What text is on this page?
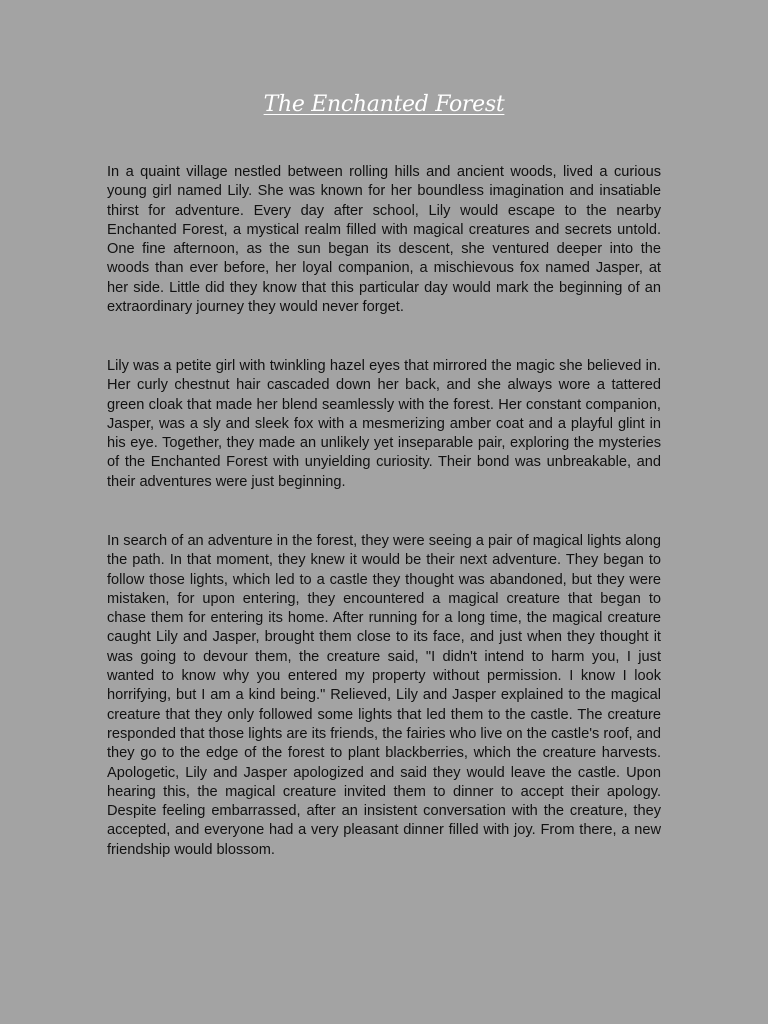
The Enchanted Forest

In a quaint village nestled between rolling hills and ancient woods, lived a curious young girl named Lily. She was known for her boundless imagination and insatiable thirst for adventure. Every day after school, Lily would escape to the nearby Enchanted Forest, a mystical realm filled with magical creatures and secrets untold. One fine afternoon, as the sun began its descent, she ventured deeper into the woods than ever before, her loyal companion, a mischievous fox named Jasper, at her side. Little did they know that this particular day would mark the beginning of an extraordinary journey they would never forget.

Lily was a petite girl with twinkling hazel eyes that mirrored the magic she believed in. Her curly chestnut hair cascaded down her back, and she always wore a tattered green cloak that made her blend seamlessly with the forest. Her constant companion, Jasper, was a sly and sleek fox with a mesmerizing amber coat and a playful glint in his eye. Together, they made an unlikely yet inseparable pair, exploring the mysteries of the Enchanted Forest with unyielding curiosity. Their bond was unbreakable, and their adventures were just beginning.

In search of an adventure in the forest, they were seeing a pair of magical lights along the path. In that moment, they knew it would be their next adventure. They began to follow those lights, which led to a castle they thought was abandoned, but they were mistaken, for upon entering, they encountered a magical creature that began to chase them for entering its home. After running for a long time, the magical creature caught Lily and Jasper, brought them close to its face, and just when they thought it was going to devour them, the creature said, "I didn't intend to harm you, I just wanted to know why you entered my property without permission. I know I look horrifying, but I am a kind being." Relieved, Lily and Jasper explained to the magical creature that they only followed some lights that led them to the castle. The creature responded that those lights are its friends, the fairies who live on the castle's roof, and they go to the edge of the forest to plant blackberries, which the creature harvests. Apologetic, Lily and Jasper apologized and said they would leave the castle. Upon hearing this, the magical creature invited them to dinner to accept their apology. Despite feeling embarrassed, after an insistent conversation with the creature, they accepted, and everyone had a very pleasant dinner filled with joy. From there, a new friendship would blossom.
